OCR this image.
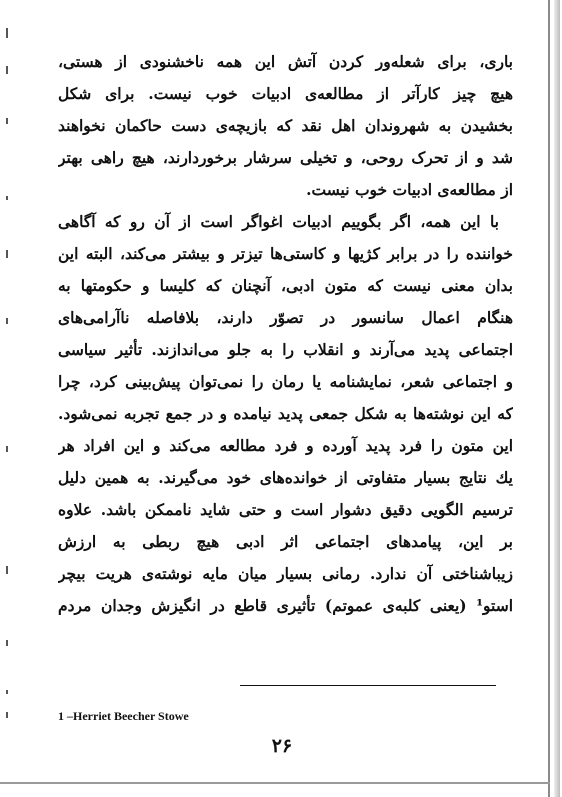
باری، برای شعله‌ور کردن آتش این همه ناخشنودی از هستی،
هیچ چیز کارآتر از مطالعه‌ی ادبیات خوب نیست. برای شکل
بخشیدن به شهروندان اهل نقد که بازیچه‌ی دست حاکمان نخواهند
شد و از تحرک روحی، و تخیلی سرشار برخوردارند، هیچ راهی بهتر
از مطالعه‌ی ادبیات خوب نیست.
با این همه، اگر بگوییم ادبیات اغواگر است از آن رو که آگاهی
خواننده را در برابر کژیها و کاستی‌ها تیزتر و بیشتر می‌کند، البته این
بدان معنی نیست که متون ادبی، آنچنان که کلیسا و حکومتها به
هنگام اعمال سانسور در تصوّر دارند، بلافاصله ناآرامی‌های
اجتماعی پدید می‌آرند و انقلاب را به جلو می‌اندازند. تأثیر سیاسی
و اجتماعی شعر، نمایشنامه یا رمان را نمی‌توان پیش‌بینی کرد، چرا
که این نوشته‌ها به شکل جمعی پدید نیامده و در جمع تجربه نمی‌شود.
این متون را فرد پدید آورده و فرد مطالعه می‌کند و این افراد هر
یك نتایج بسیار متفاوتی از خوانده‌های خود می‌گیرند. به همین دلیل
ترسیم الگویی دقیق دشوار است و حتی شاید ناممکن باشد. علاوه
بر این، پیامدهای اجتماعی اثر ادبی هیچ ربطی به ارزش
زیباشناختی آن ندارد. رمانی بسیار میان مایه نوشته‌ی هریت بیچر
استو¹ (یعنی کلبه‌ی عموتم) تأثیری قاطع در انگیزش وجدان مردم
1 –Herriet Beecher Stowe
۲۶
